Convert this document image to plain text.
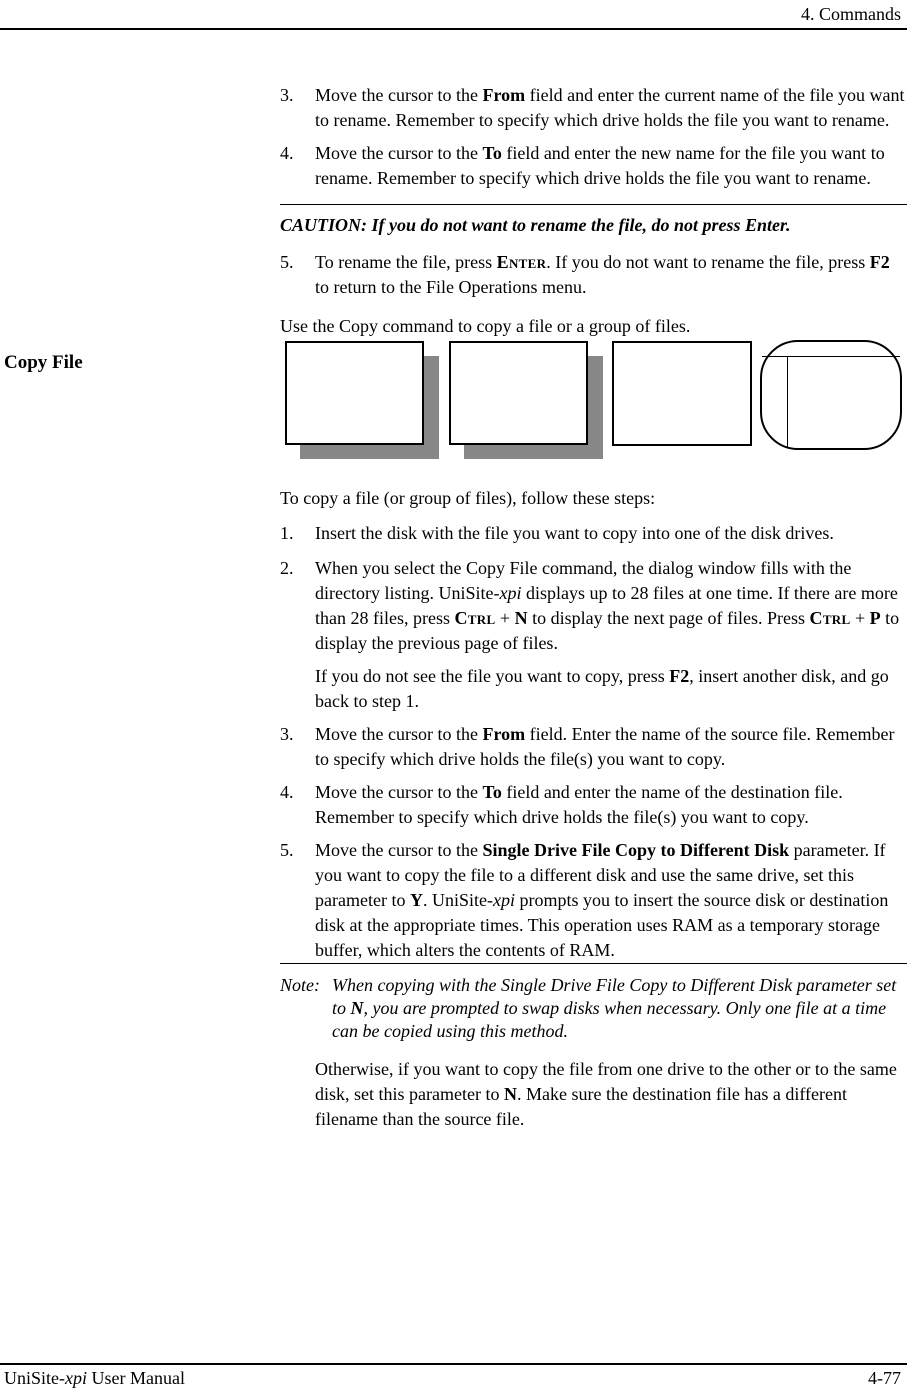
4. Commands
Copy File
3. Move the cursor to the From field and enter the current name of the file you want to rename. Remember to specify which drive holds the file you want to rename.
4. Move the cursor to the To field and enter the new name for the file you want to rename. Remember to specify which drive holds the file you want to rename.
CAUTION: If you do not want to rename the file, do not press Enter.
5. To rename the file, press Enter. If you do not want to rename the file, press F2 to return to the File Operations menu.
Use the Copy command to copy a file or a group of files.
To copy a file (or group of files), follow these steps:
1. Insert the disk with the file you want to copy into one of the disk drives.
2. When you select the Copy File command, the dialog window fills with the directory listing. UniSite-xpi displays up to 28 files at one time. If there are more than 28 files, press Ctrl + N to display the next page of files. Press Ctrl + P to display the previous page of files.
If you do not see the file you want to copy, press F2, insert another disk, and go back to step 1.
3. Move the cursor to the From field. Enter the name of the source file. Remember to specify which drive holds the file(s) you want to copy.
4. Move the cursor to the To field and enter the name of the destination file. Remember to specify which drive holds the file(s) you want to copy.
5. Move the cursor to the Single Drive File Copy to Different Disk parameter. If you want to copy the file to a different disk and use the same drive, set this parameter to Y. UniSite-xpi prompts you to insert the source disk or destination disk at the appropriate times. This operation uses RAM as a temporary storage buffer, which alters the contents of RAM.
Note: When copying with the Single Drive File Copy to Different Disk parameter set to N, you are prompted to swap disks when necessary. Only one file at a time can be copied using this method.
Otherwise, if you want to copy the file from one drive to the other or to the same disk, set this parameter to N. Make sure the destination file has a different filename than the source file.
UniSite-xpi User Manual	4-77
